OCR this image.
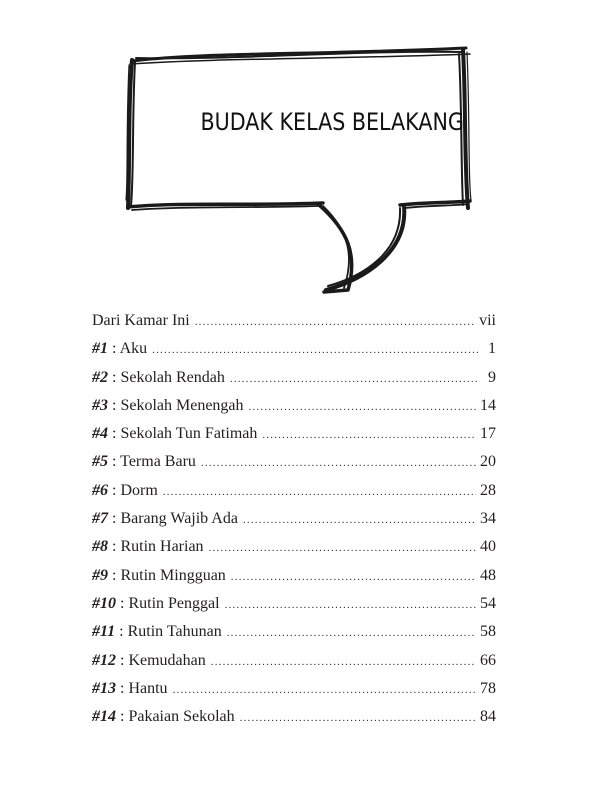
BUDAK KELAS BELAKANG
Dari Kamar Ini .....	vii
#1 : Aku .....	1
#2 : Sekolah Rendah .....	9
#3 : Sekolah Menengah .....	14
#4 : Sekolah Tun Fatimah .....	17
#5 : Terma Baru .....	20
#6 : Dorm .....	28
#7 : Barang Wajib Ada .....	34
#8 : Rutin Harian .....	40
#9 : Rutin Mingguan .....	48
#10 : Rutin Penggal .....	54
#11 : Rutin Tahunan .....	58
#12 : Kemudahan .....	66
#13 : Hantu .....	78
#14 : Pakaian Sekolah .....	84
